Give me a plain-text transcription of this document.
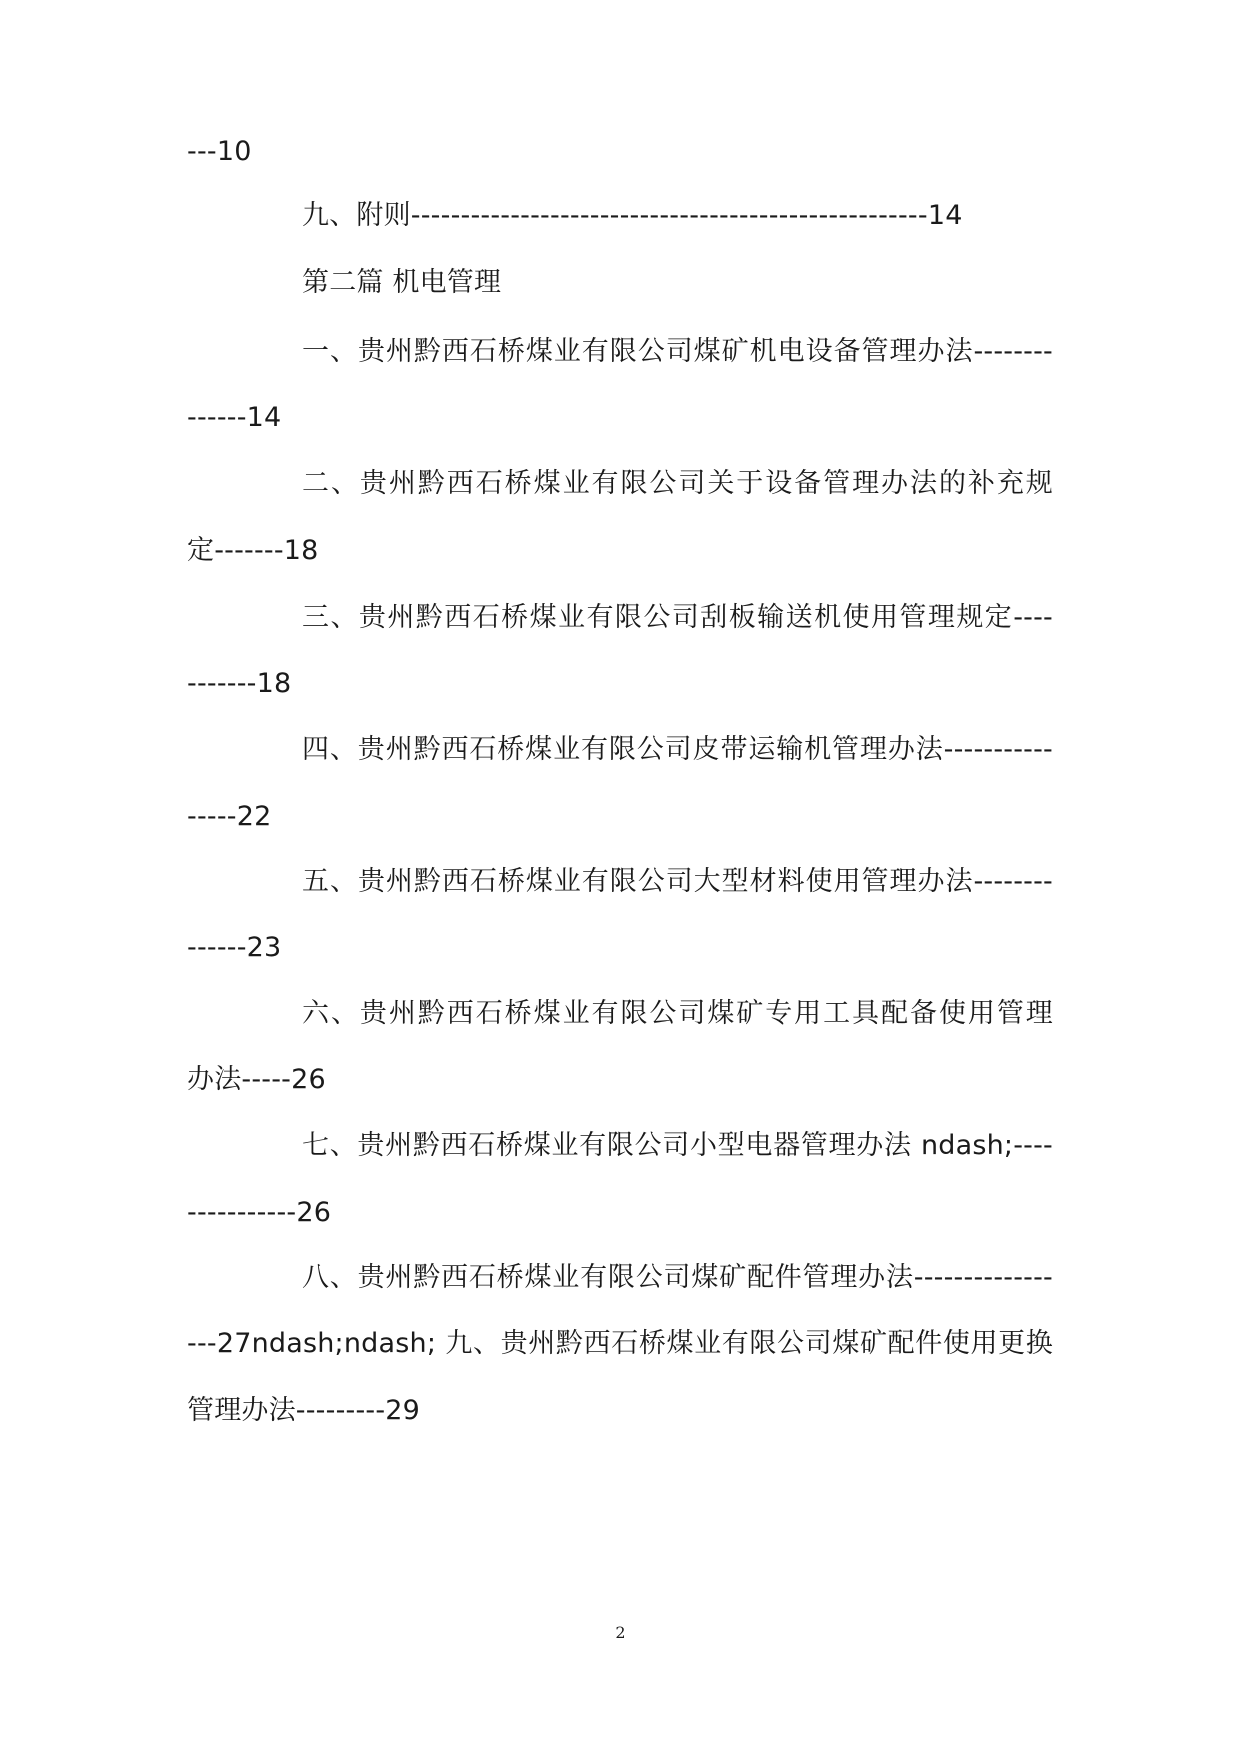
---10
九、附则----------------------------------------------------14
第二篇 机电管理
一、贵州黔西石桥煤业有限公司煤矿机电设备管理办法--------
------14
二、贵州黔西石桥煤业有限公司关于设备管理办法的补充规
定-------18
三、贵州黔西石桥煤业有限公司刮板输送机使用管理规定----
-------18
四、贵州黔西石桥煤业有限公司皮带运输机管理办法-----------
-----22
五、贵州黔西石桥煤业有限公司大型材料使用管理办法--------
------23
六、贵州黔西石桥煤业有限公司煤矿专用工具配备使用管理
办法-----26
七、贵州黔西石桥煤业有限公司小型电器管理办法 ndash;----
-----------26
八、贵州黔西石桥煤业有限公司煤矿配件管理办法--------------
---27ndash;ndash; 九、贵州黔西石桥煤业有限公司煤矿配件使用更换
管理办法---------29
2
